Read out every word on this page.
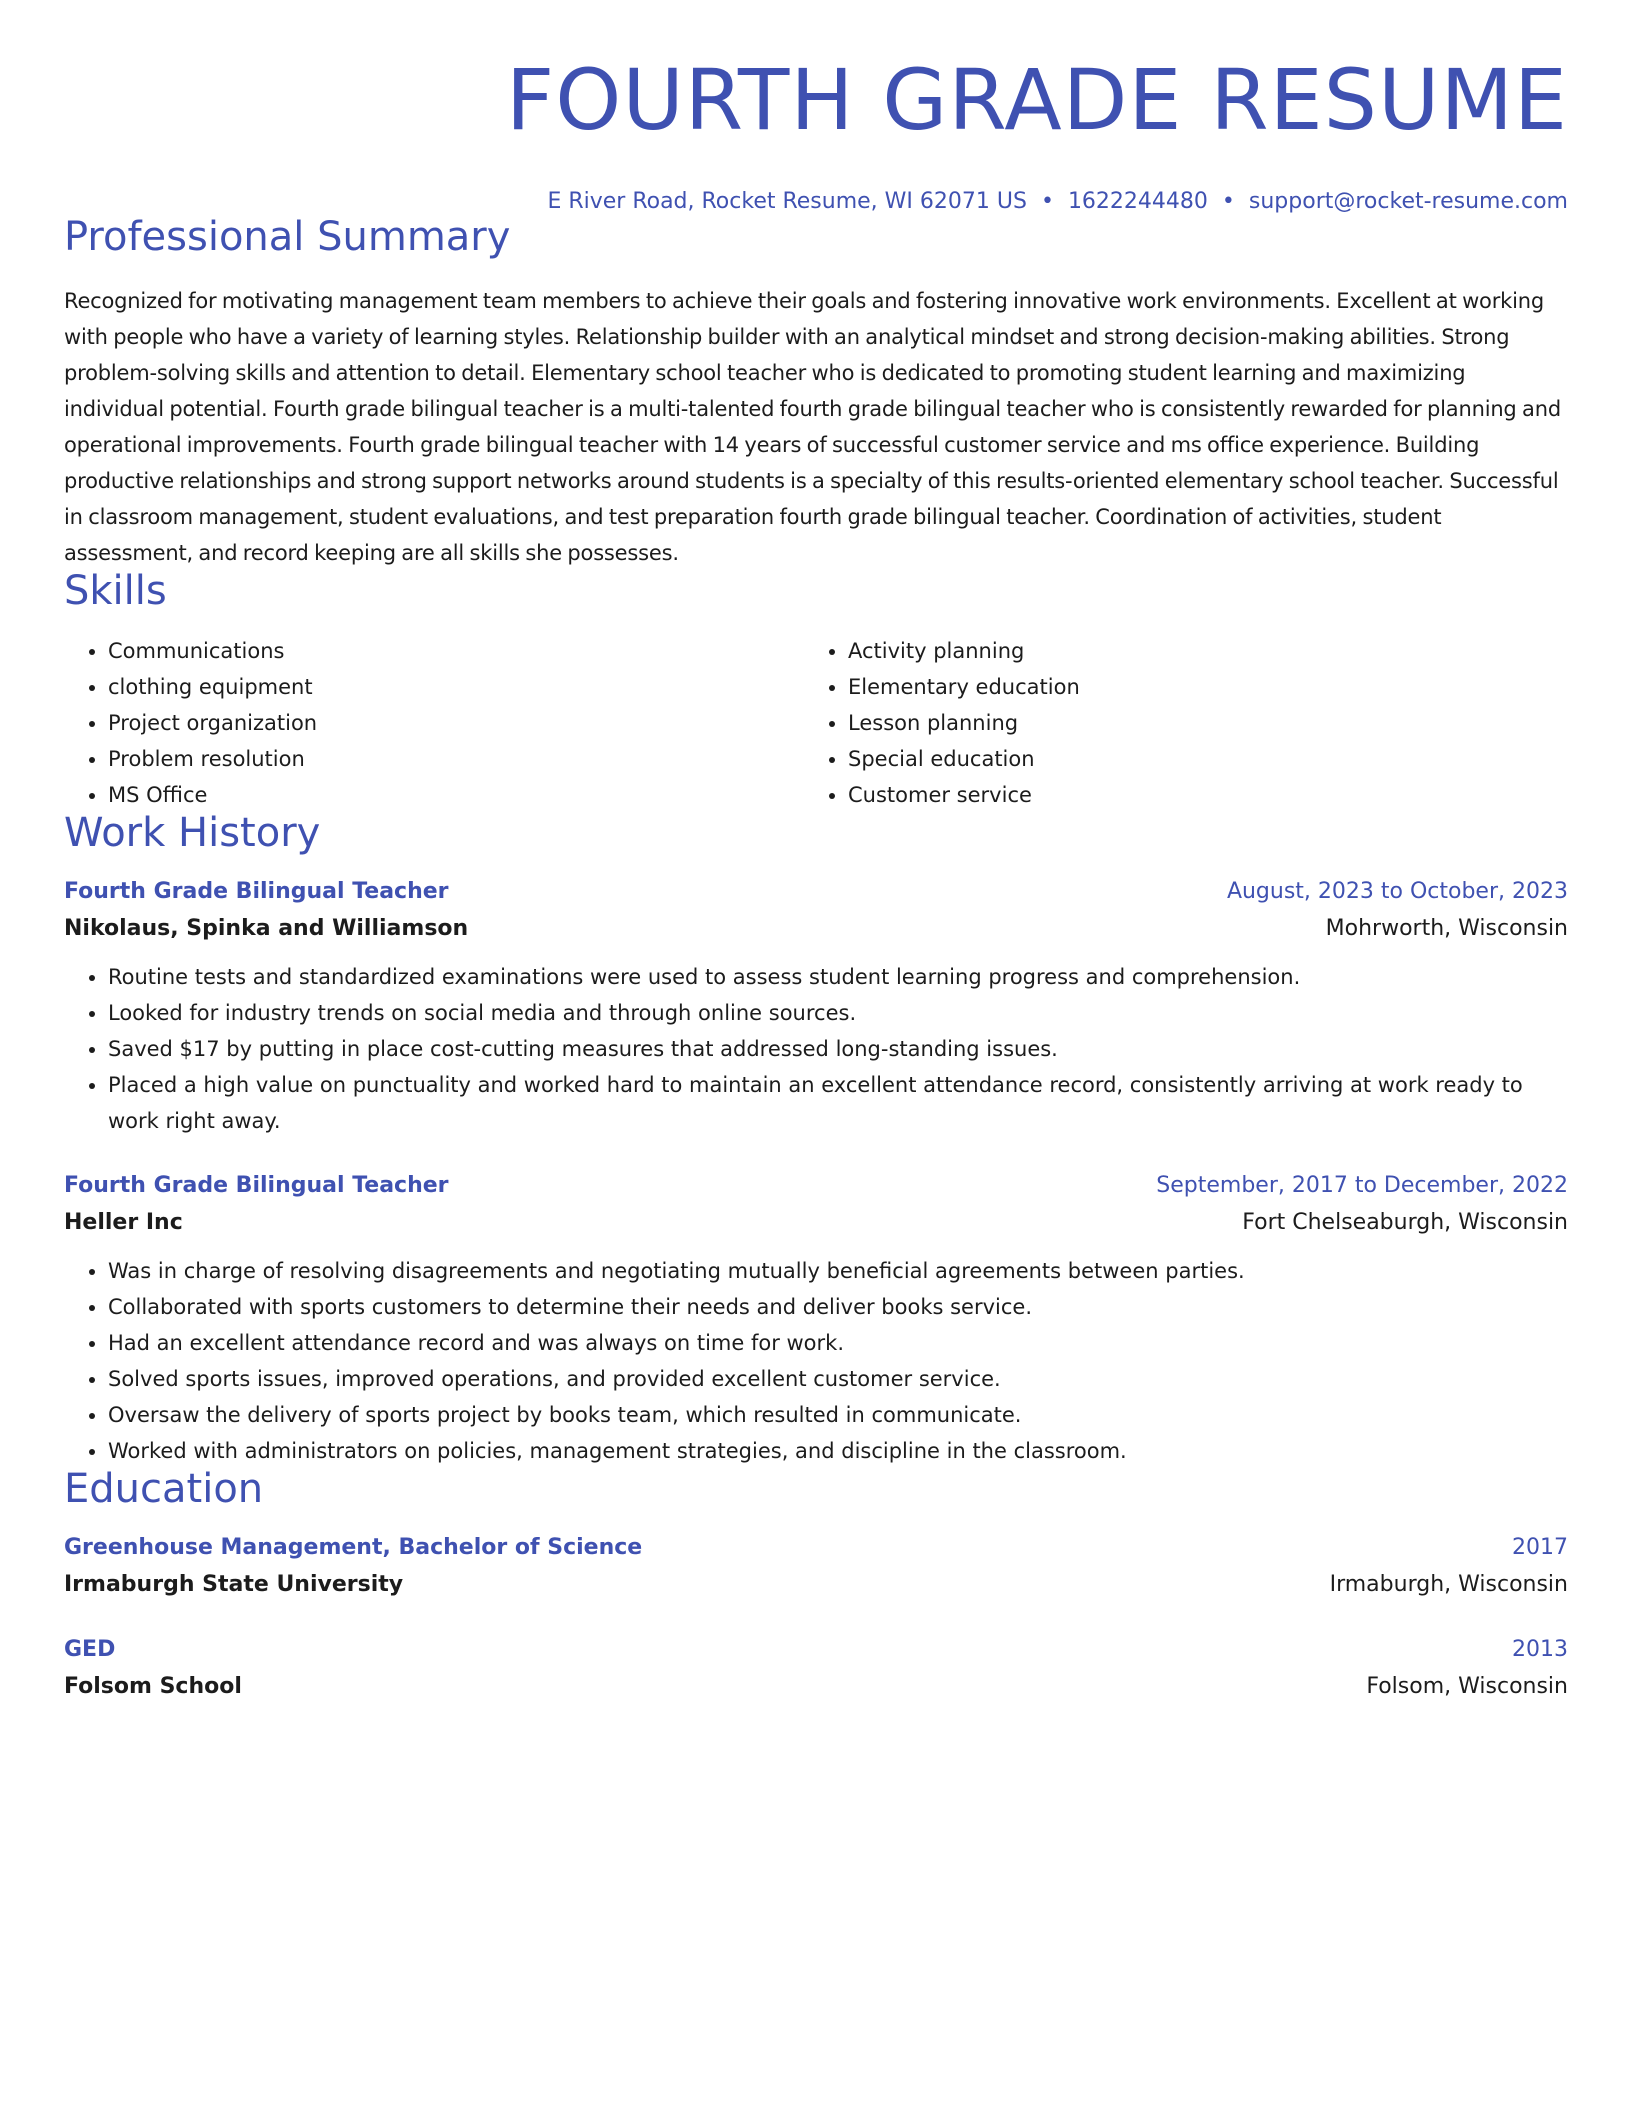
FOURTH GRADE RESUME
E River Road, Rocket Resume, WI 62071 US • 1622244480 • support@rocket-resume.com
Professional Summary
Recognized for motivating management team members to achieve their goals and fostering innovative work environments. Excellent at working with people who have a variety of learning styles. Relationship builder with an analytical mindset and strong decision-making abilities. Strong problem-solving skills and attention to detail. Elementary school teacher who is dedicated to promoting student learning and maximizing individual potential. Fourth grade bilingual teacher is a multi-talented fourth grade bilingual teacher who is consistently rewarded for planning and operational improvements. Fourth grade bilingual teacher with 14 years of successful customer service and ms office experience. Building productive relationships and strong support networks around students is a specialty of this results-oriented elementary school teacher. Successful in classroom management, student evaluations, and test preparation fourth grade bilingual teacher. Coordination of activities, student assessment, and record keeping are all skills she possesses.
Skills
• Communications
• clothing equipment
• Project organization
• Problem resolution
• MS Office
• Activity planning
• Elementary education
• Lesson planning
• Special education
• Customer service
Work History
Fourth Grade Bilingual Teacher	August, 2023 to October, 2023
Nikolaus, Spinka and Williamson	Mohrworth, Wisconsin
• Routine tests and standardized examinations were used to assess student learning progress and comprehension.
• Looked for industry trends on social media and through online sources.
• Saved $17 by putting in place cost-cutting measures that addressed long-standing issues.
• Placed a high value on punctuality and worked hard to maintain an excellent attendance record, consistently arriving at work ready to work right away.
Fourth Grade Bilingual Teacher	September, 2017 to December, 2022
Heller Inc	Fort Chelseaburgh, Wisconsin
• Was in charge of resolving disagreements and negotiating mutually beneficial agreements between parties.
• Collaborated with sports customers to determine their needs and deliver books service.
• Had an excellent attendance record and was always on time for work.
• Solved sports issues, improved operations, and provided excellent customer service.
• Oversaw the delivery of sports project by books team, which resulted in communicate.
• Worked with administrators on policies, management strategies, and discipline in the classroom.
Education
Greenhouse Management, Bachelor of Science	2017
Irmaburgh State University	Irmaburgh, Wisconsin
GED	2013
Folsom School	Folsom, Wisconsin
